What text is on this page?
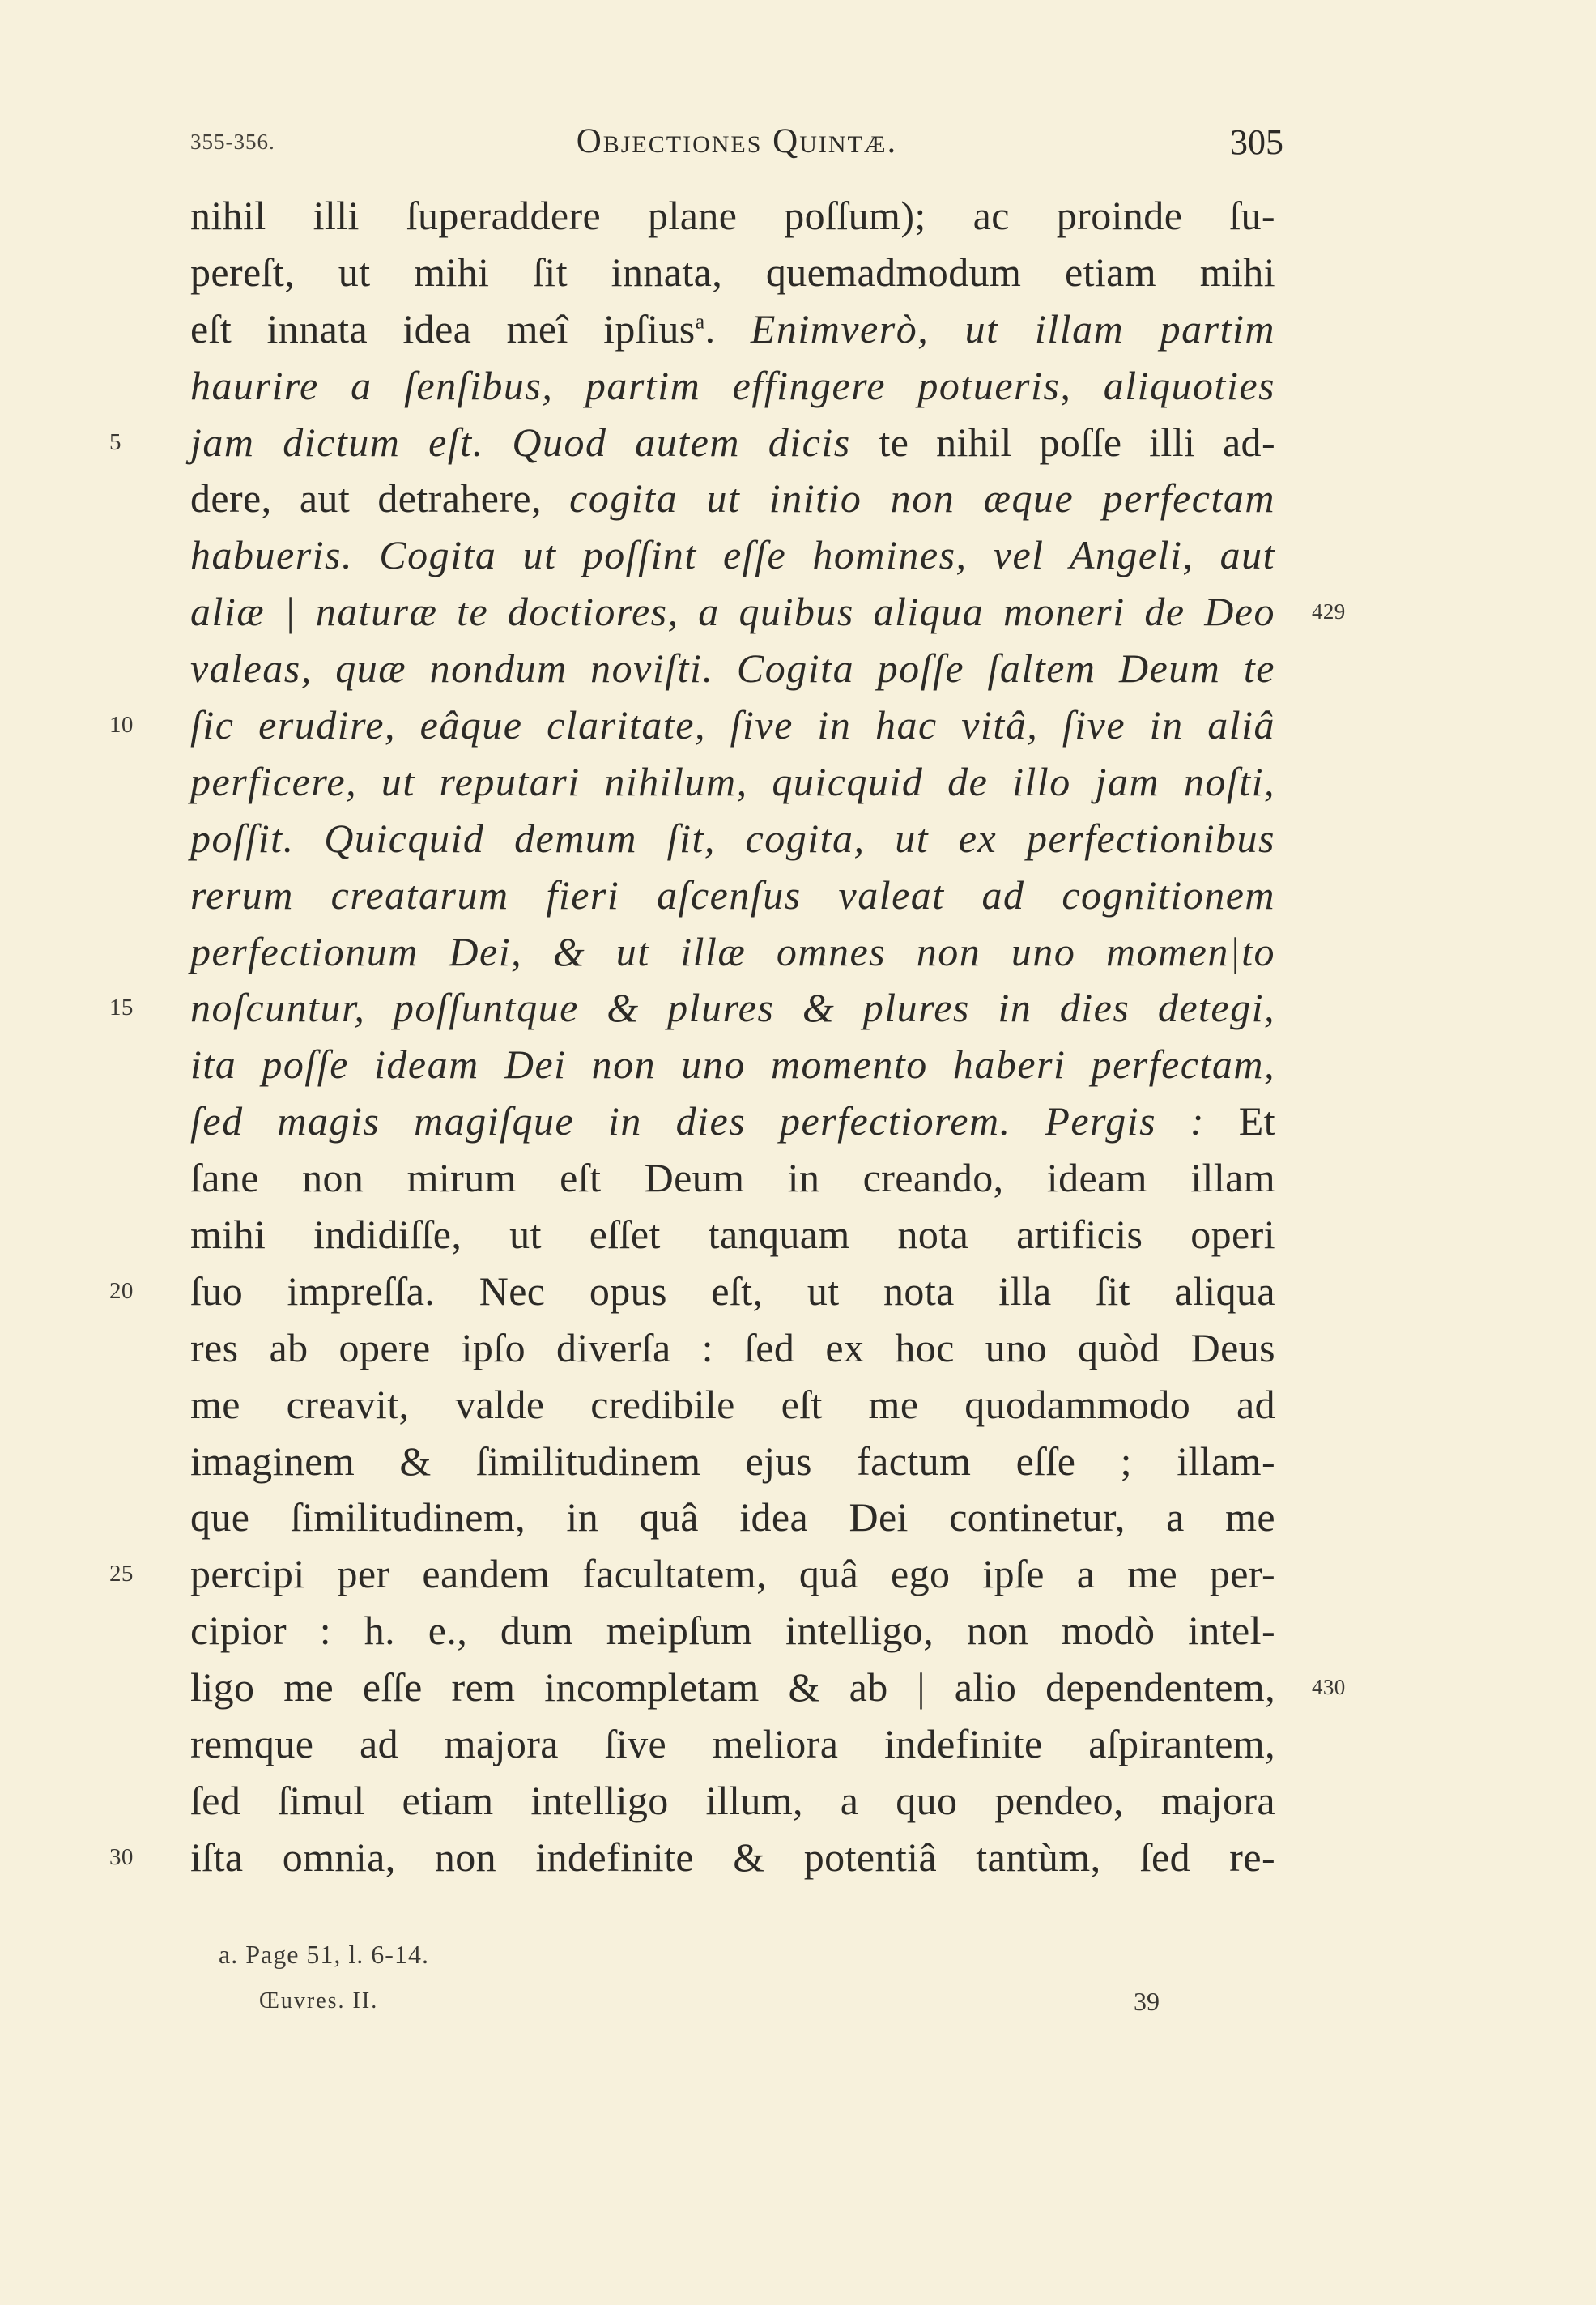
355-356.	Objectiones Quintæ.	305
nihil illi ſuperaddere plane poſſum); ac proinde ſu-
pereſt, ut mihi ſit innata, quemadmodum etiam mihi
eſt innata idea meî ipſius$^a$. Enimverò, ut illam partim
haurire a ſenſibus, partim effingere potueris, aliquoties
5	jam dictum eſt. Quod autem dicis te nihil poſſe illi ad-
dere, aut detrahere, cogita ut initio non æque perfectam
habueris. Cogita ut poſſint eſſe homines, vel Angeli, aut
aliæ | naturæ te doctiores, a quibus aliqua moneri de Deo 429
valeas, quæ nondum noviſti. Cogita poſſe ſaltem Deum te
10	ſic erudire, eâque claritate, ſive in hac vitâ, ſive in aliâ
perficere, ut reputari nihilum, quicquid de illo jam noſti,
poſſit. Quicquid demum ſit, cogita, ut ex perfectionibus
rerum creatarum fieri aſcenſus valeat ad cognitionem
perfectionum Dei, & ut illæ omnes non uno momen|to
15	noſcuntur, poſſuntque & plures & plures in dies detegi,
ita poſſe ideam Dei non uno momento haberi perfectam,
ſed magis magiſque in dies perfectiorem. Pergis : Et
ſane non mirum eſt Deum in creando, ideam illam
mihi indidiſſe, ut eſſet tanquam nota artificis operi
20	ſuo impreſſa. Nec opus eſt, ut nota illa ſit aliqua
res ab opere ipſo diverſa : ſed ex hoc uno quòd Deus
me creavit, valde credibile eſt me quodammodo ad
imaginem & ſimilitudinem ejus factum eſſe ; illam-
que ſimilitudinem, in quâ idea Dei continetur, a me
25	percipi per eandem facultatem, quâ ego ipſe a me per-
cipior : h. e., dum meipſum intelligo, non modò intel-
ligo me eſſe rem incompletam & ab | alio dependentem, 430
remque ad majora ſive meliora indefinite aſpirantem,
ſed ſimul etiam intelligo illum, a quo pendeo, majora
30	iſta omnia, non indefinite & potentiâ tantùm, ſed re-
a. Page 51, l. 6-14.
Œuvres. II.	39
